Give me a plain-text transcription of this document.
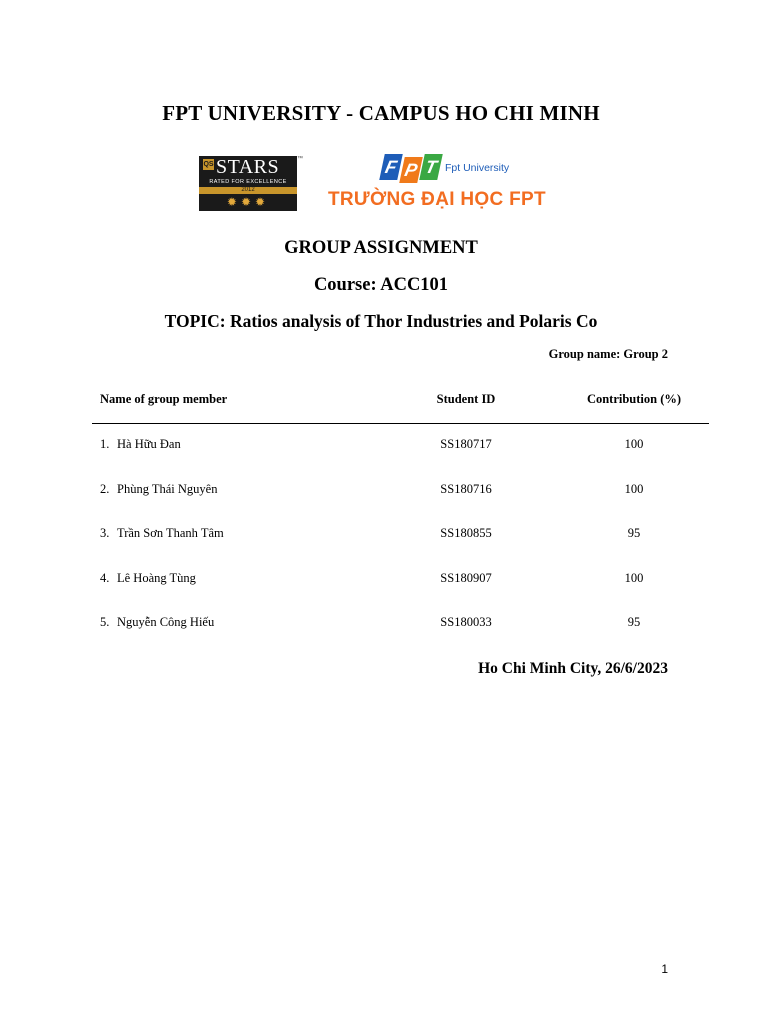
FPT UNIVERSITY - CAMPUS HO CHI MINH
QS STARS	™
RATED FOR EXCELLENCE
2012
✹✹✹
F P T Fpt University
TRƯỜNG ĐẠI HỌC FPT
GROUP ASSIGNMENT
Course: ACC101
TOPIC: Ratios analysis of Thor Industries and Polaris Co
Group name: Group 2
Name of group member	Student ID	Contribution (%)
1. Hà Hữu Đan	SS180717	100
2. Phùng Thái Nguyên	SS180716	100
3. Trần Sơn Thanh Tâm	SS180855	95
4. Lê Hoàng Tùng	SS180907	100
5. Nguyễn Công Hiếu	SS180033	95
Ho Chi Minh City, 26/6/2023
1
